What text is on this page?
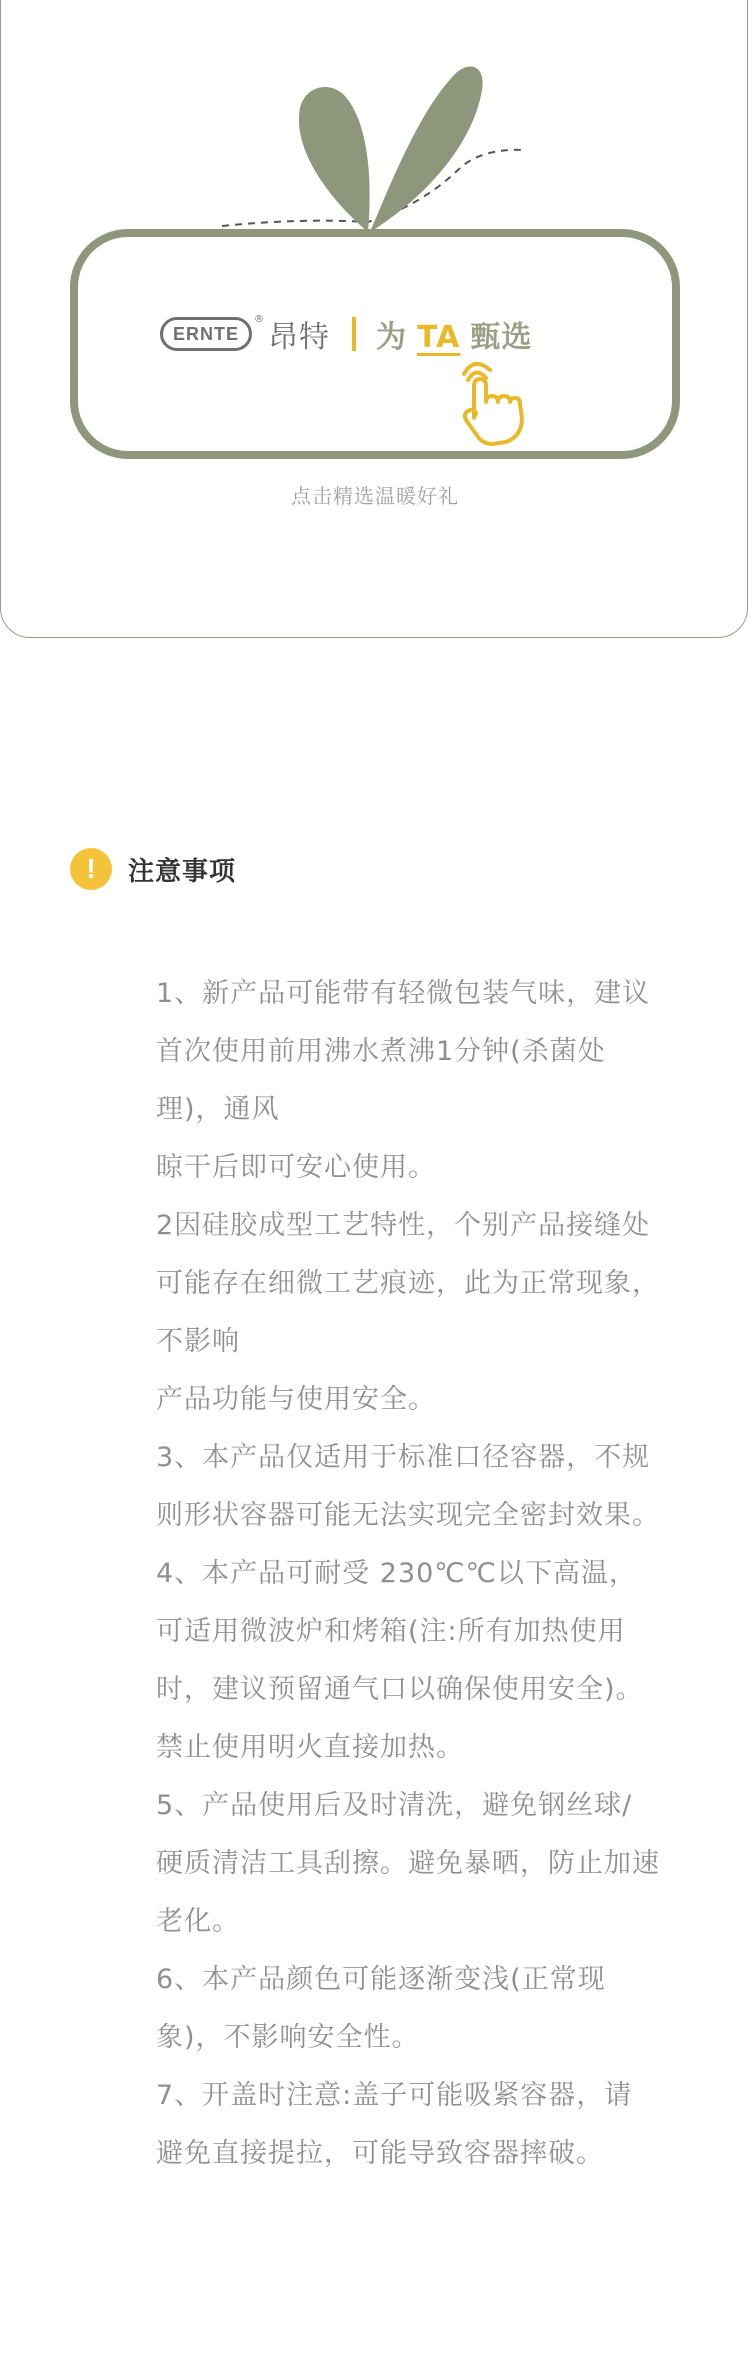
ERNTE
®
昂特 为 TA 甄选
点击精选温暖好礼
!	注意事项

1、新产品可能带有轻微包装气味，建议首次使用前用沸水煮沸1分钟(杀菌处理)，通风

晾干后即可安心使用。

2因硅胶成型工艺特性，个别产品接缝处可能存在细微工艺痕迹，此为正常现象，不影响

产品功能与使用安全。

3、本产品仅适用于标准口径容器，不规则形状容器可能无法实现完全密封效果。

4、本产品可耐受 230℃℃以下高温，可适用微波炉和烤箱(注:所有加热使用时，建议预留通气口以确保使用安全)。禁止使用明火直接加热。

5、产品使用后及时清洗，避免钢丝球/硬质清洁工具刮擦。避免暴晒，防止加速老化。

6、本产品颜色可能逐渐变浅(正常现象)，不影响安全性。

7、开盖时注意:盖子可能吸紧容器，请避免直接提拉，可能导致容器摔破。
